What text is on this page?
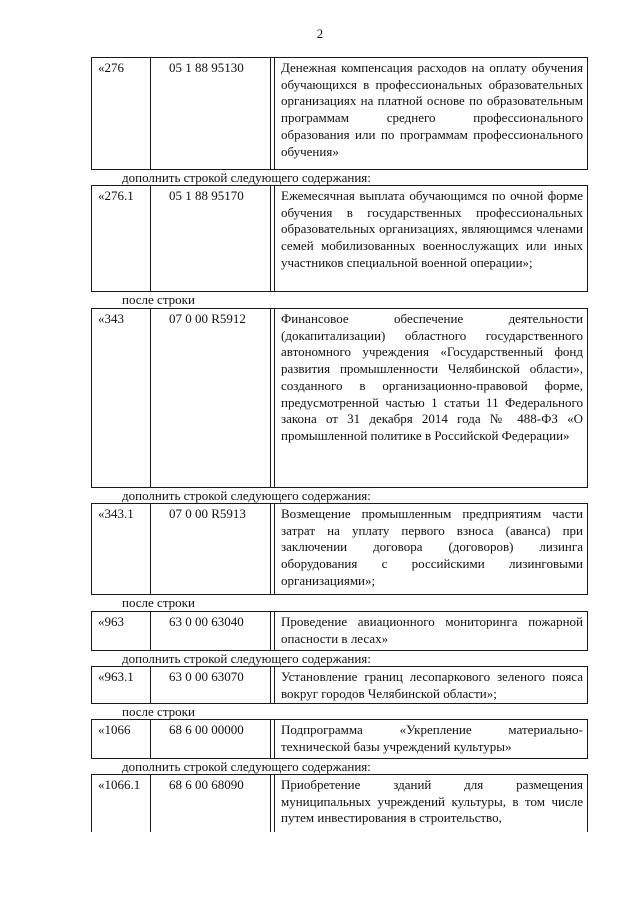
2
«276	05 1 88 95130	Денежная компенсация расходов на оплату обучения обучающихся в профессиональных образовательных организациях на платной основе по образовательным программам среднего профессионального образования или по программам профессионального обучения»
дополнить строкой следующего содержания:
«276.1	05 1 88 95170	Ежемесячная выплата обучающимся по очной форме обучения в государственных профессиональных образовательных организациях, являющимся членами семей мобилизованных военнослужащих или иных участников специальной военной операции»;
после строки
«343	07 0 00 R5912	Финансовое обеспечение деятельности (докапитализации) областного государственного автономного учреждения «Государственный фонд развития промышленности Челябинской области», созданного в организационно-правовой форме, предусмотренной частью 1 статьи 11 Федерального закона от 31 декабря 2014 года № 488-ФЗ «О промышленной политике в Российской Федерации»
дополнить строкой следующего содержания:
«343.1	07 0 00 R5913	Возмещение промышленным предприятиям части затрат на уплату первого взноса (аванса) при заключении договора (договоров) лизинга оборудования с российскими лизинговыми организациями»;
после строки
«963	63 0 00 63040	Проведение авиационного мониторинга пожарной опасности в лесах»
дополнить строкой следующего содержания:
«963.1	63 0 00 63070	Установление границ лесопаркового зеленого пояса вокруг городов Челябинской области»;
после строки
«1066	68 6 00 00000	Подпрограмма «Укрепление материально-технической базы учреждений культуры»
дополнить строкой следующего содержания:
«1066.1	68 6 00 68090	Приобретение зданий для размещения муниципальных учреждений культуры, в том числе путем инвестирования в строительство,
